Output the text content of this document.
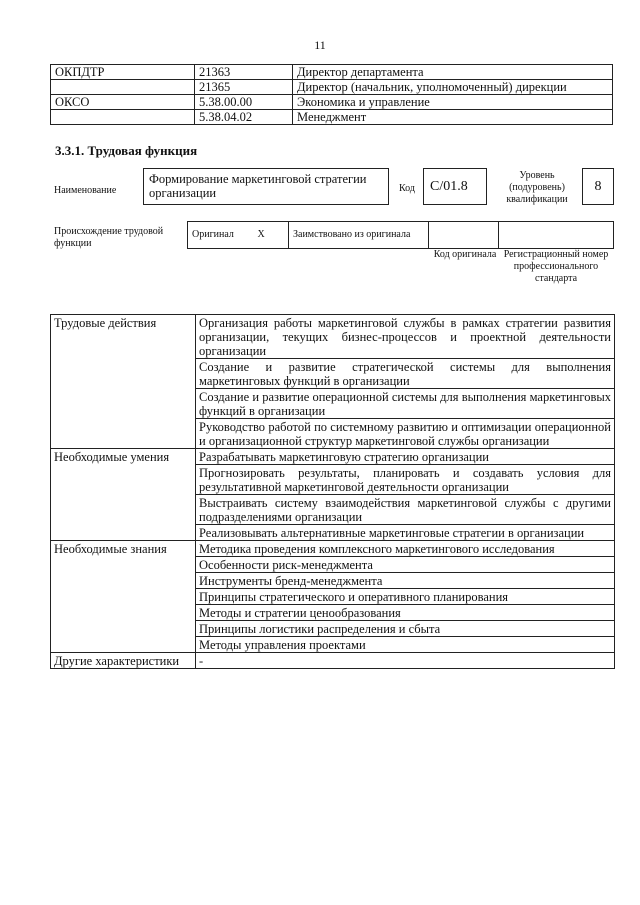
11
ОКПДТР	21363	Директор департамента
	21365	Директор (начальник, уполномоченный) дирекции
ОКСО	5.38.00.00	Экономика и управление
	5.38.04.02	Менеджмент
3.3.1. Трудовая функция
Наименование
Формирование маркетинговой стратегии организации	Код	C/01.8
Уровень (подуровень) квалификации
8
Происхождение трудовой функции
Оригинал	X	Заимствовано из оригинала		
Код оригинала Регистрационный номер профессионального стандарта
Трудовые действия	Организация работы маркетинговой службы в рамках стратегии развития организации, текущих бизнес-процессов и проектной деятельности организации
	Создание и развитие стратегической системы для выполнения маркетинговых функций в организации
	Создание и развитие операционной системы для выполнения маркетинговых функций в организации
	Руководство работой по системному развитию и оптимизации операционной и организационной структур маркетинговой службы организации
Необходимые умения	Разрабатывать маркетинговую стратегию организации
	Прогнозировать результаты, планировать и создавать условия для результативной маркетинговой деятельности организации
	Выстраивать систему взаимодействия маркетинговой службы с другими подразделениями организации
	Реализовывать альтернативные маркетинговые стратегии в организации
Необходимые знания	Методика проведения комплексного маркетингового исследования
	Особенности риск-менеджмента
	Инструменты бренд-менеджмента
	Принципы стратегического и оперативного планирования
	Методы и стратегии ценообразования
	Принципы логистики распределения и сбыта
	Методы управления проектами
Другие характеристики	-
